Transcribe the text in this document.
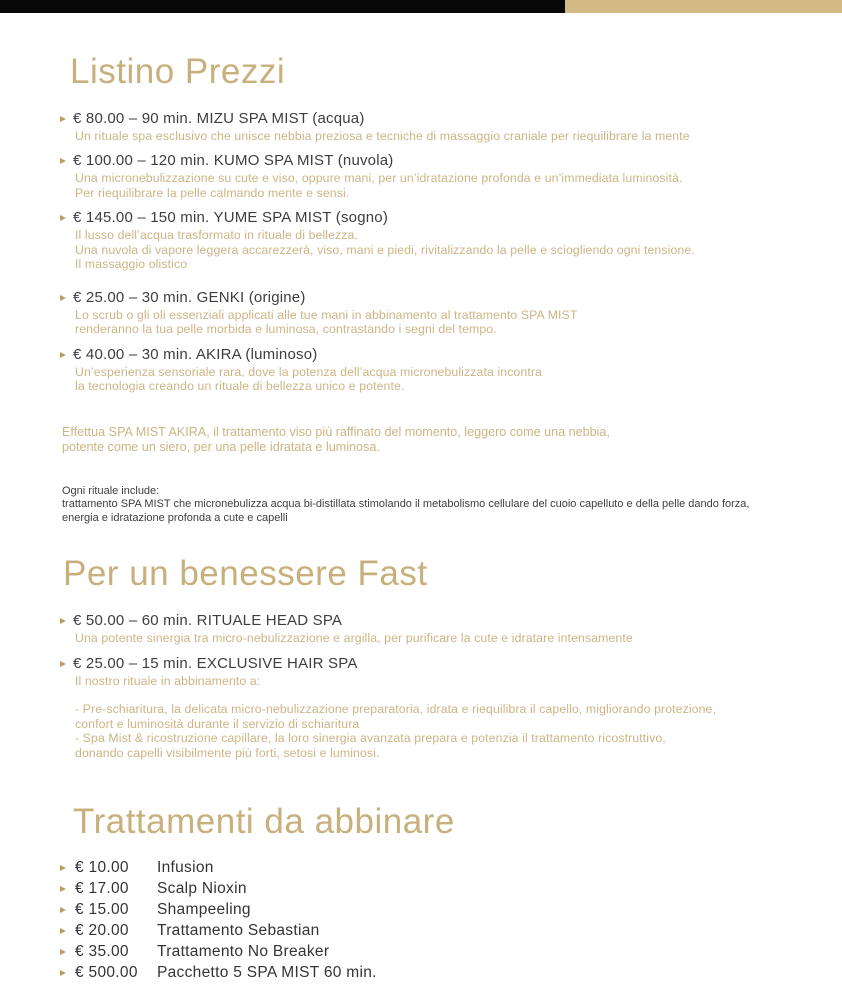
Listino Prezzi
€ 80.00 – 90 min. MIZU SPA MIST (acqua)
Un rituale spa esclusivo che unisce nebbia preziosa e tecniche di massaggio craniale per riequilibrare la mente
€ 100.00 – 120 min. KUMO SPA MIST (nuvola)
Una micronebulizzazione su cute e viso, oppure mani, per un’idratazione profonda e un’immediata luminosità.
Per riequilibrare la pelle calmando mente e sensi.
€ 145.00 – 150 min. YUME SPA MIST (sogno)
Il lusso dell’acqua trasformato in rituale di bellezza.
Una nuvola di vapore leggera accarezzerà, viso, mani e piedi, rivitalizzando la pelle e sciogliendo ogni tensione.
Il massaggio olistico
€ 25.00 – 30 min. GENKI (origine)
Lo scrub o gli oli essenziali applicati alle tue mani in abbinamento al trattamento SPA MIST
renderanno la tua pelle morbida e luminosa, contrastando i segni del tempo.
€ 40.00 – 30 min. AKIRA (luminoso)
Un’esperienza sensoriale rara, dove la potenza dell’acqua micronebulizzata incontra
la tecnologia creando un rituale di bellezza unico e potente.
Effettua SPA MIST AKIRA, il trattamento viso più raffinato del momento, leggero come una nebbia,
potente come un siero, per una pelle idratata e luminosa.
Ogni rituale include:
trattamento SPA MIST che micronebulizza acqua bi-distillata stimolando il metabolismo cellulare del cuoio capelluto e della pelle dando forza,
energia e idratazione profonda a cute e capelli
Per un benessere Fast
€ 50.00 – 60 min. RITUALE HEAD SPA
Una potente sinergia tra micro-nebulizzazione e argilla, per purificare la cute e idratare intensamente
€ 25.00 – 15 min. EXCLUSIVE HAIR SPA
Il nostro rituale in abbinamento a:
- Pre-schiaritura, la delicata micro-nebulizzazione preparatoria, idrata e riequilibra il capello, migliorando protezione,
confort e luminosità durante il servizio di schiaritura
- Spa Mist & ricostruzione capillare, la loro sinergia avanzata prepara e potenzia il trattamento ricostruttivo,
donando capelli visibilmente più forti, setosi e luminosi.
Trattamenti da abbinare
€ 10.00	Infusion
€ 17.00	Scalp Nioxin
€ 15.00	Shampeeling
€ 20.00	Trattamento Sebastian
€ 35.00	Trattamento No Breaker
€ 500.00	Pacchetto 5 SPA MIST 60 min.
